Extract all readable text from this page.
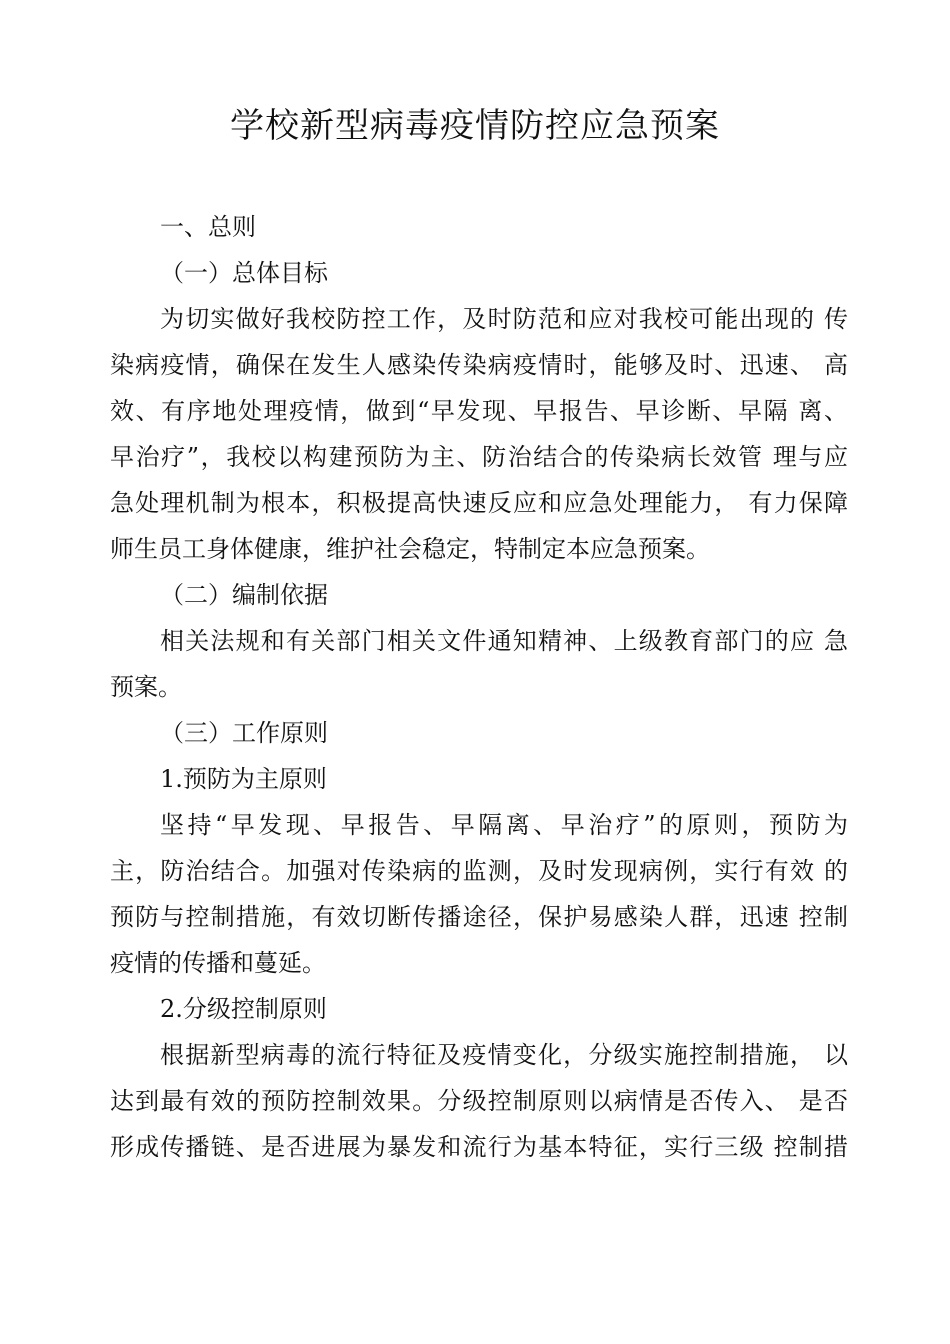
学校新型病毒疫情防控应急预案
一、总则
（一）总体目标
为切实做好我校防控工作，及时防范和应对我校可能出现的 传
染病疫情，确保在发生人感染传染病疫情时，能够及时、迅速、 高
效、有序地处理疫情，做到“早发现、早报告、早诊断、早隔 离、
早治疗”，我校以构建预防为主、防治结合的传染病长效管 理与应
急处理机制为根本，积极提高快速反应和应急处理能力， 有力保障
师生员工身体健康，维护社会稳定，特制定本应急预案。
（二）编制依据
相关法规和有关部门相关文件通知精神、上级教育部门的应 急
预案。
（三）工作原则
1.预防为主原则
坚持“早发现、早报告、早隔离、早治疗”的原则，预防为
主，防治结合。加强对传染病的监测，及时发现病例，实行有效 的
预防与控制措施，有效切断传播途径，保护易感染人群，迅速 控制
疫情的传播和蔓延。
2.分级控制原则
根据新型病毒的流行特征及疫情变化，分级实施控制措施， 以
达到最有效的预防控制效果。分级控制原则以病情是否传入、 是否
形成传播链、是否进展为暴发和流行为基本特征，实行三级 控制措
